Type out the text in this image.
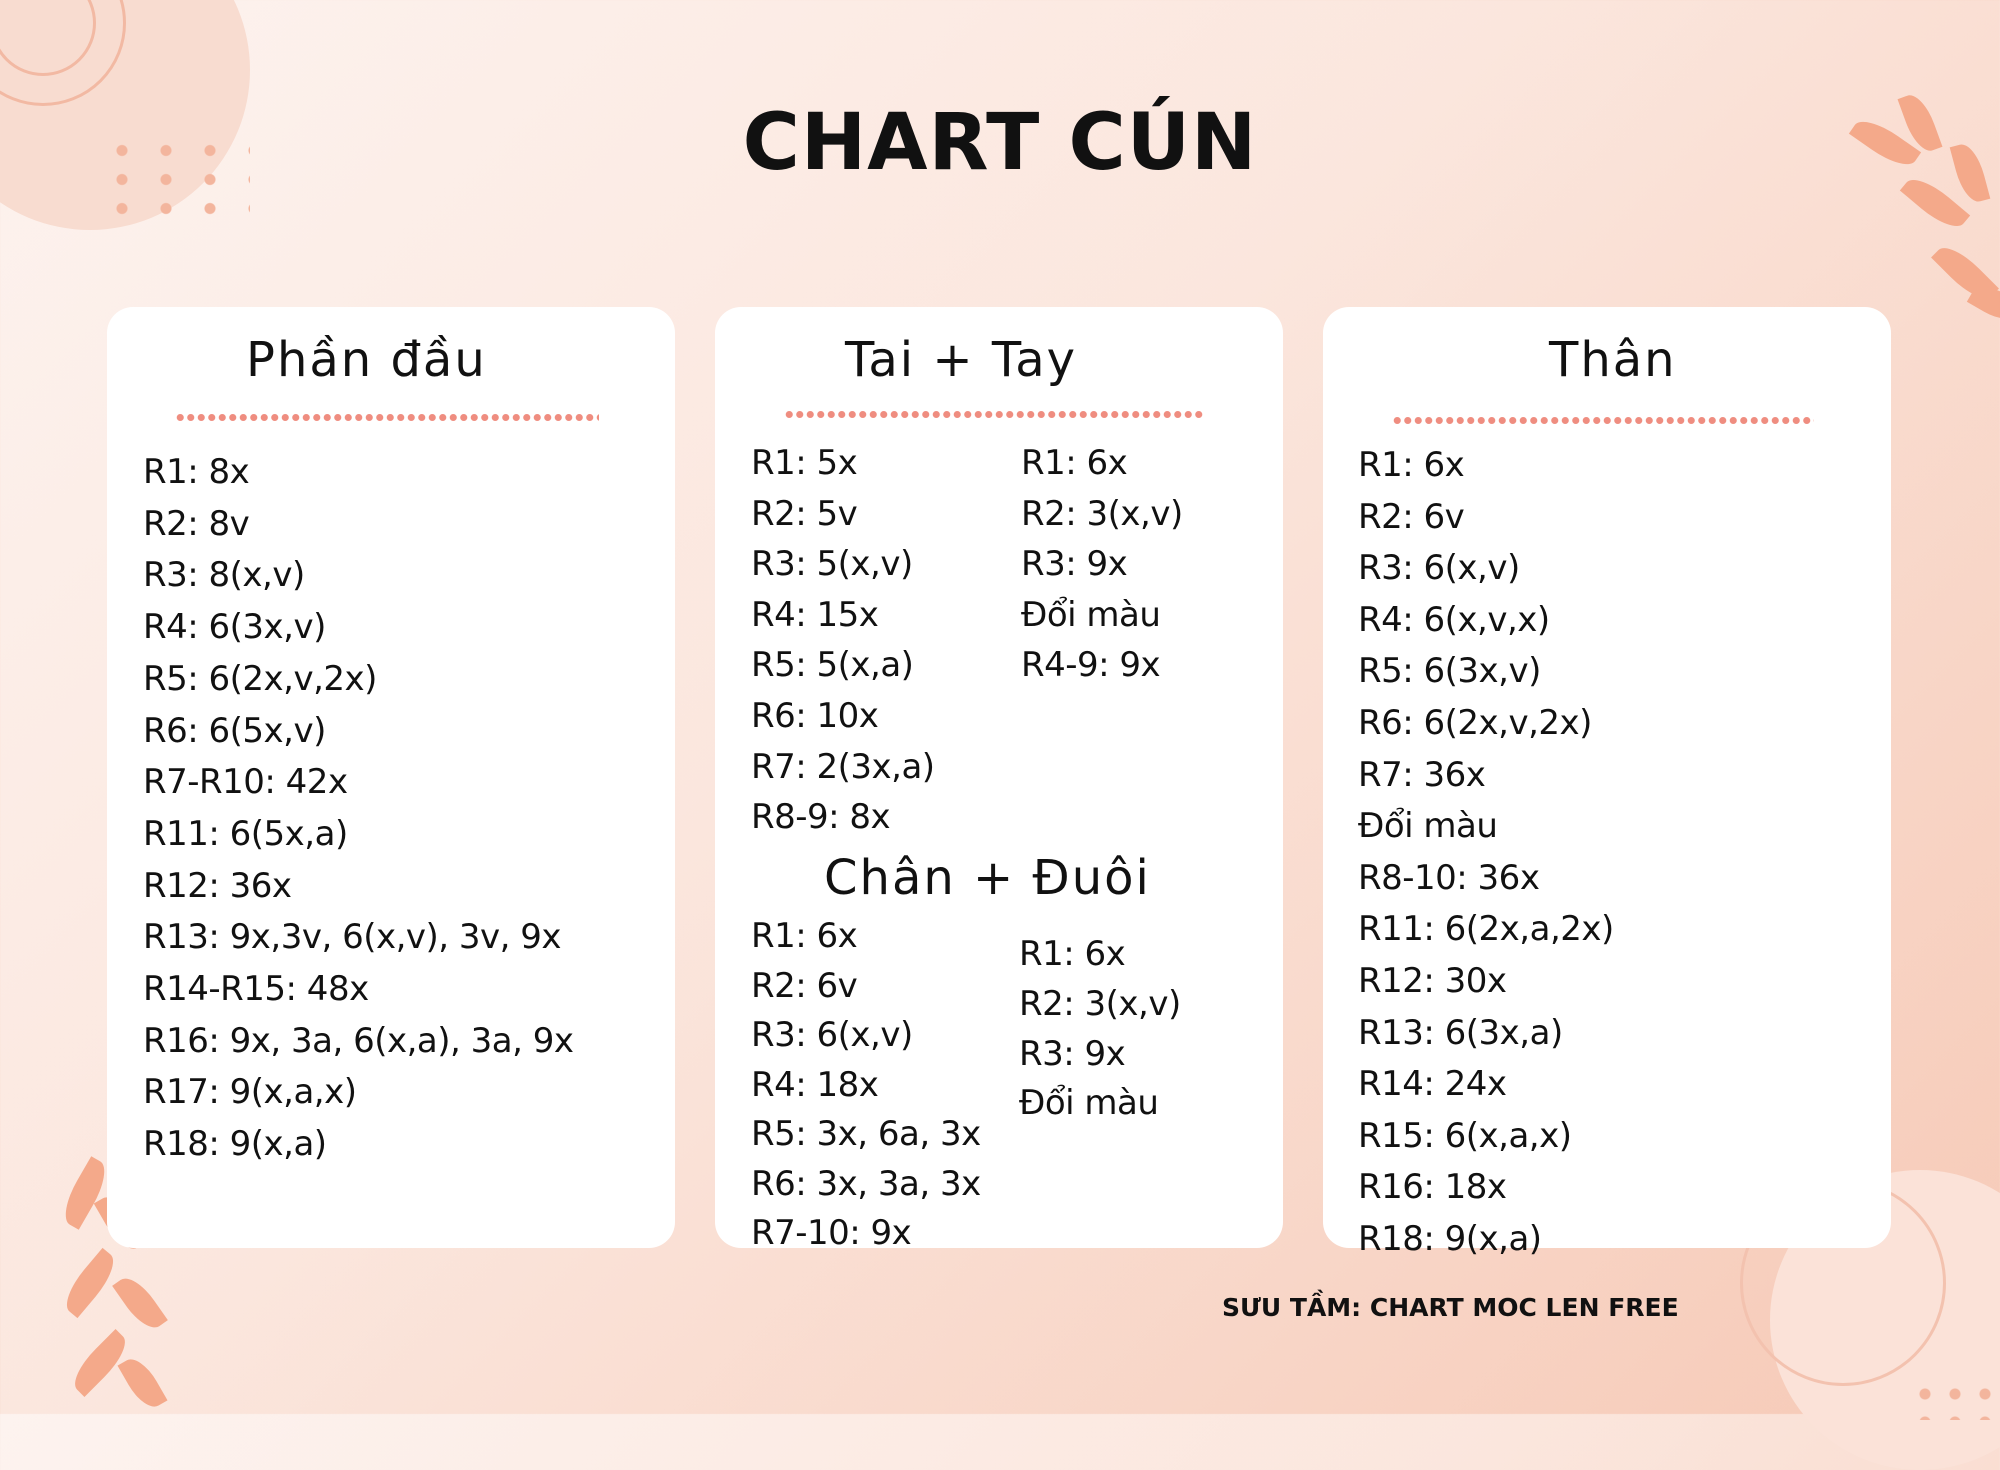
CHART CÚN
Phần đầu
R1: 8x
R2: 8v
R3: 8(x,v)
R4: 6(3x,v)
R5: 6(2x,v,2x)
R6: 6(5x,v)
R7-R10: 42x
R11: 6(5x,a)
R12: 36x
R13: 9x,3v, 6(x,v), 3v, 9x
R14-R15: 48x
R16: 9x, 3a, 6(x,a), 3a, 9x
R17: 9(x,a,x)
R18: 9(x,a)
Tai + Tay
R1: 5x
R2: 5v
R3: 5(x,v)
R4: 15x
R5: 5(x,a)
R6: 10x
R7: 2(3x,a)
R8-9: 8x
R1: 6x
R2: 3(x,v)
R3: 9x
Đổi màu
R4-9: 9x
Chân + Đuôi
R1: 6x
R2: 6v
R3: 6(x,v)
R4: 18x
R5: 3x, 6a, 3x
R6: 3x, 3a, 3x
R7-10: 9x
R1: 6x
R2: 3(x,v)
R3: 9x
Đổi màu
Thân
R1: 6x
R2: 6v
R3: 6(x,v)
R4: 6(x,v,x)
R5: 6(3x,v)
R6: 6(2x,v,2x)
R7: 36x
Đổi màu
R8-10: 36x
R11: 6(2x,a,2x)
R12: 30x
R13: 6(3x,a)
R14: 24x
R15: 6(x,a,x)
R16: 18x
R18: 9(x,a)
SƯU TẦM: CHART MOC LEN FREE
